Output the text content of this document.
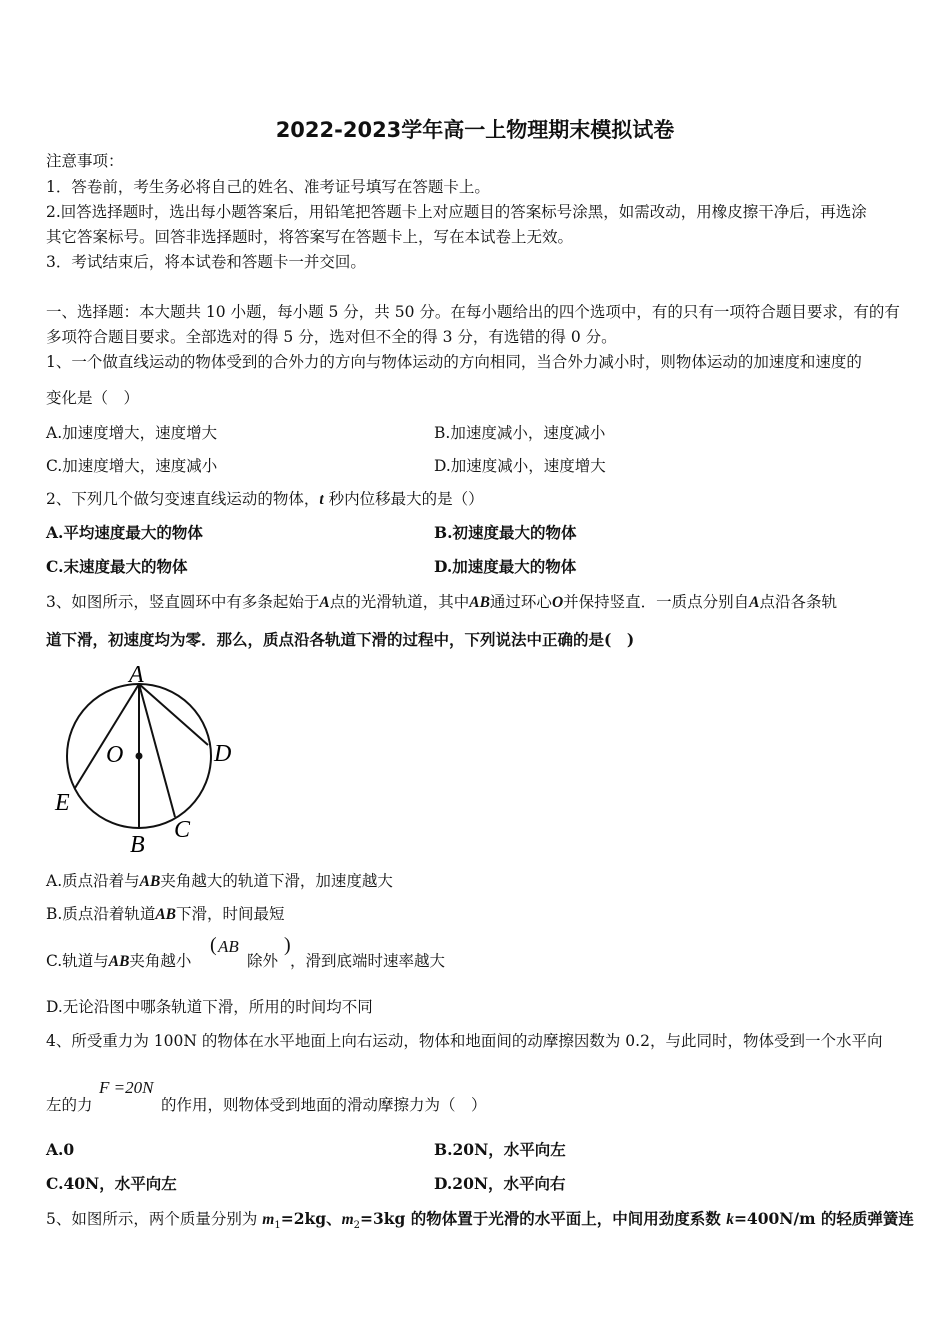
2022-2023学年高一上物理期末模拟试卷
注意事项：
1．答卷前，考生务必将自己的姓名、准考证号填写在答题卡上。
2.回答选择题时，选出每小题答案后，用铅笔把答题卡上对应题目的答案标号涂黑，如需改动，用橡皮擦干净后，再选涂
其它答案标号。回答非选择题时，将答案写在答题卡上，写在本试卷上无效。
3．考试结束后，将本试卷和答题卡一并交回。
一、选择题：本大题共 10 小题，每小题 5 分，共 50 分。在每小题给出的四个选项中，有的只有一项符合题目要求，有的有
多项符合题目要求。全部选对的得 5 分，选对但不全的得 3 分，有选错的得 0 分。
1、一个做直线运动的物体受到的合外力的方向与物体运动的方向相同，当合外力减小时，则物体运动的加速度和速度的
变化是（　）
A.加速度增大，速度增大	B.加速度减小，速度减小
C.加速度增大，速度减小	D.加速度减小，速度增大
2、下列几个做匀变速直线运动的物体，t 秒内位移最大的是（）
A.平均速度最大的物体	B.初速度最大的物体
C.末速度最大的物体	D.加速度最大的物体
3、如图所示，竖直圆环中有多条起始于A点的光滑轨道，其中AB通过环心O并保持竖直．一质点分别自A点沿各条轨
道下滑，初速度均为零．那么，质点沿各轨道下滑的过程中，下列说法中正确的是(　)
A
O	D
E
C
B
A.质点沿着与AB夹角越大的轨道下滑，加速度越大
B.质点沿着轨道AB下滑，时间最短
C.轨道与AB夹角越小
( AB )
除外 ，滑到底端时速率越大
D.无论沿图中哪条轨道下滑，所用的时间均不同
4、所受重力为 100N 的物体在水平地面上向右运动，物体和地面间的动摩擦因数为 0.2，与此同时，物体受到一个水平向
左的力
F =20N
的作用，则物体受到地面的滑动摩擦力为（　）
A.0	B.20N，水平向左
C.40N，水平向左	D.20N，水平向右
5、如图所示，两个质量分别为 $m_1=2kg$、$m_2=3kg$ 的物体置于光滑的水平面上，中间用劲度系数 k=400N/m 的轻质弹簧连
